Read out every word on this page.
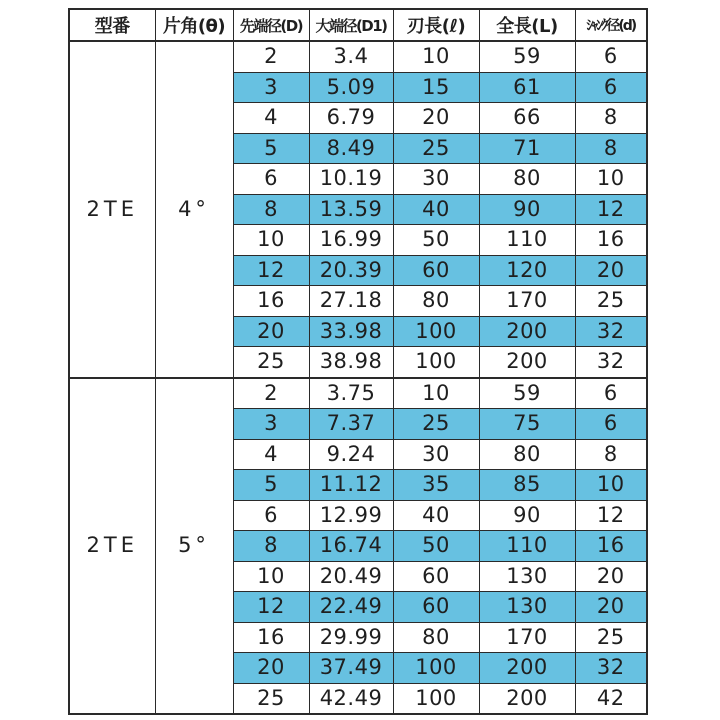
型番	片角(θ)	先端径(D)	大端径(D1)	刃長(ℓ)	全長(L)	ｼｬﾝｸ径(d)
2TE	4°	2	3.4	10	59	6
		3	5.09	15	61	6
		4	6.79	20	66	8
		5	8.49	25	71	8
		6	10.19	30	80	10
		8	13.59	40	90	12
		10	16.99	50	110	16
		12	20.39	60	120	20
		16	27.18	80	170	25
		20	33.98	100	200	32
		25	38.98	100	200	32
2TE	5°	2	3.75	10	59	6
		3	7.37	25	75	6
		4	9.24	30	80	8
		5	11.12	35	85	10
		6	12.99	40	90	12
		8	16.74	50	110	16
		10	20.49	60	130	20
		12	22.49	60	130	20
		16	29.99	80	170	25
		20	37.49	100	200	32
		25	42.49	100	200	42
